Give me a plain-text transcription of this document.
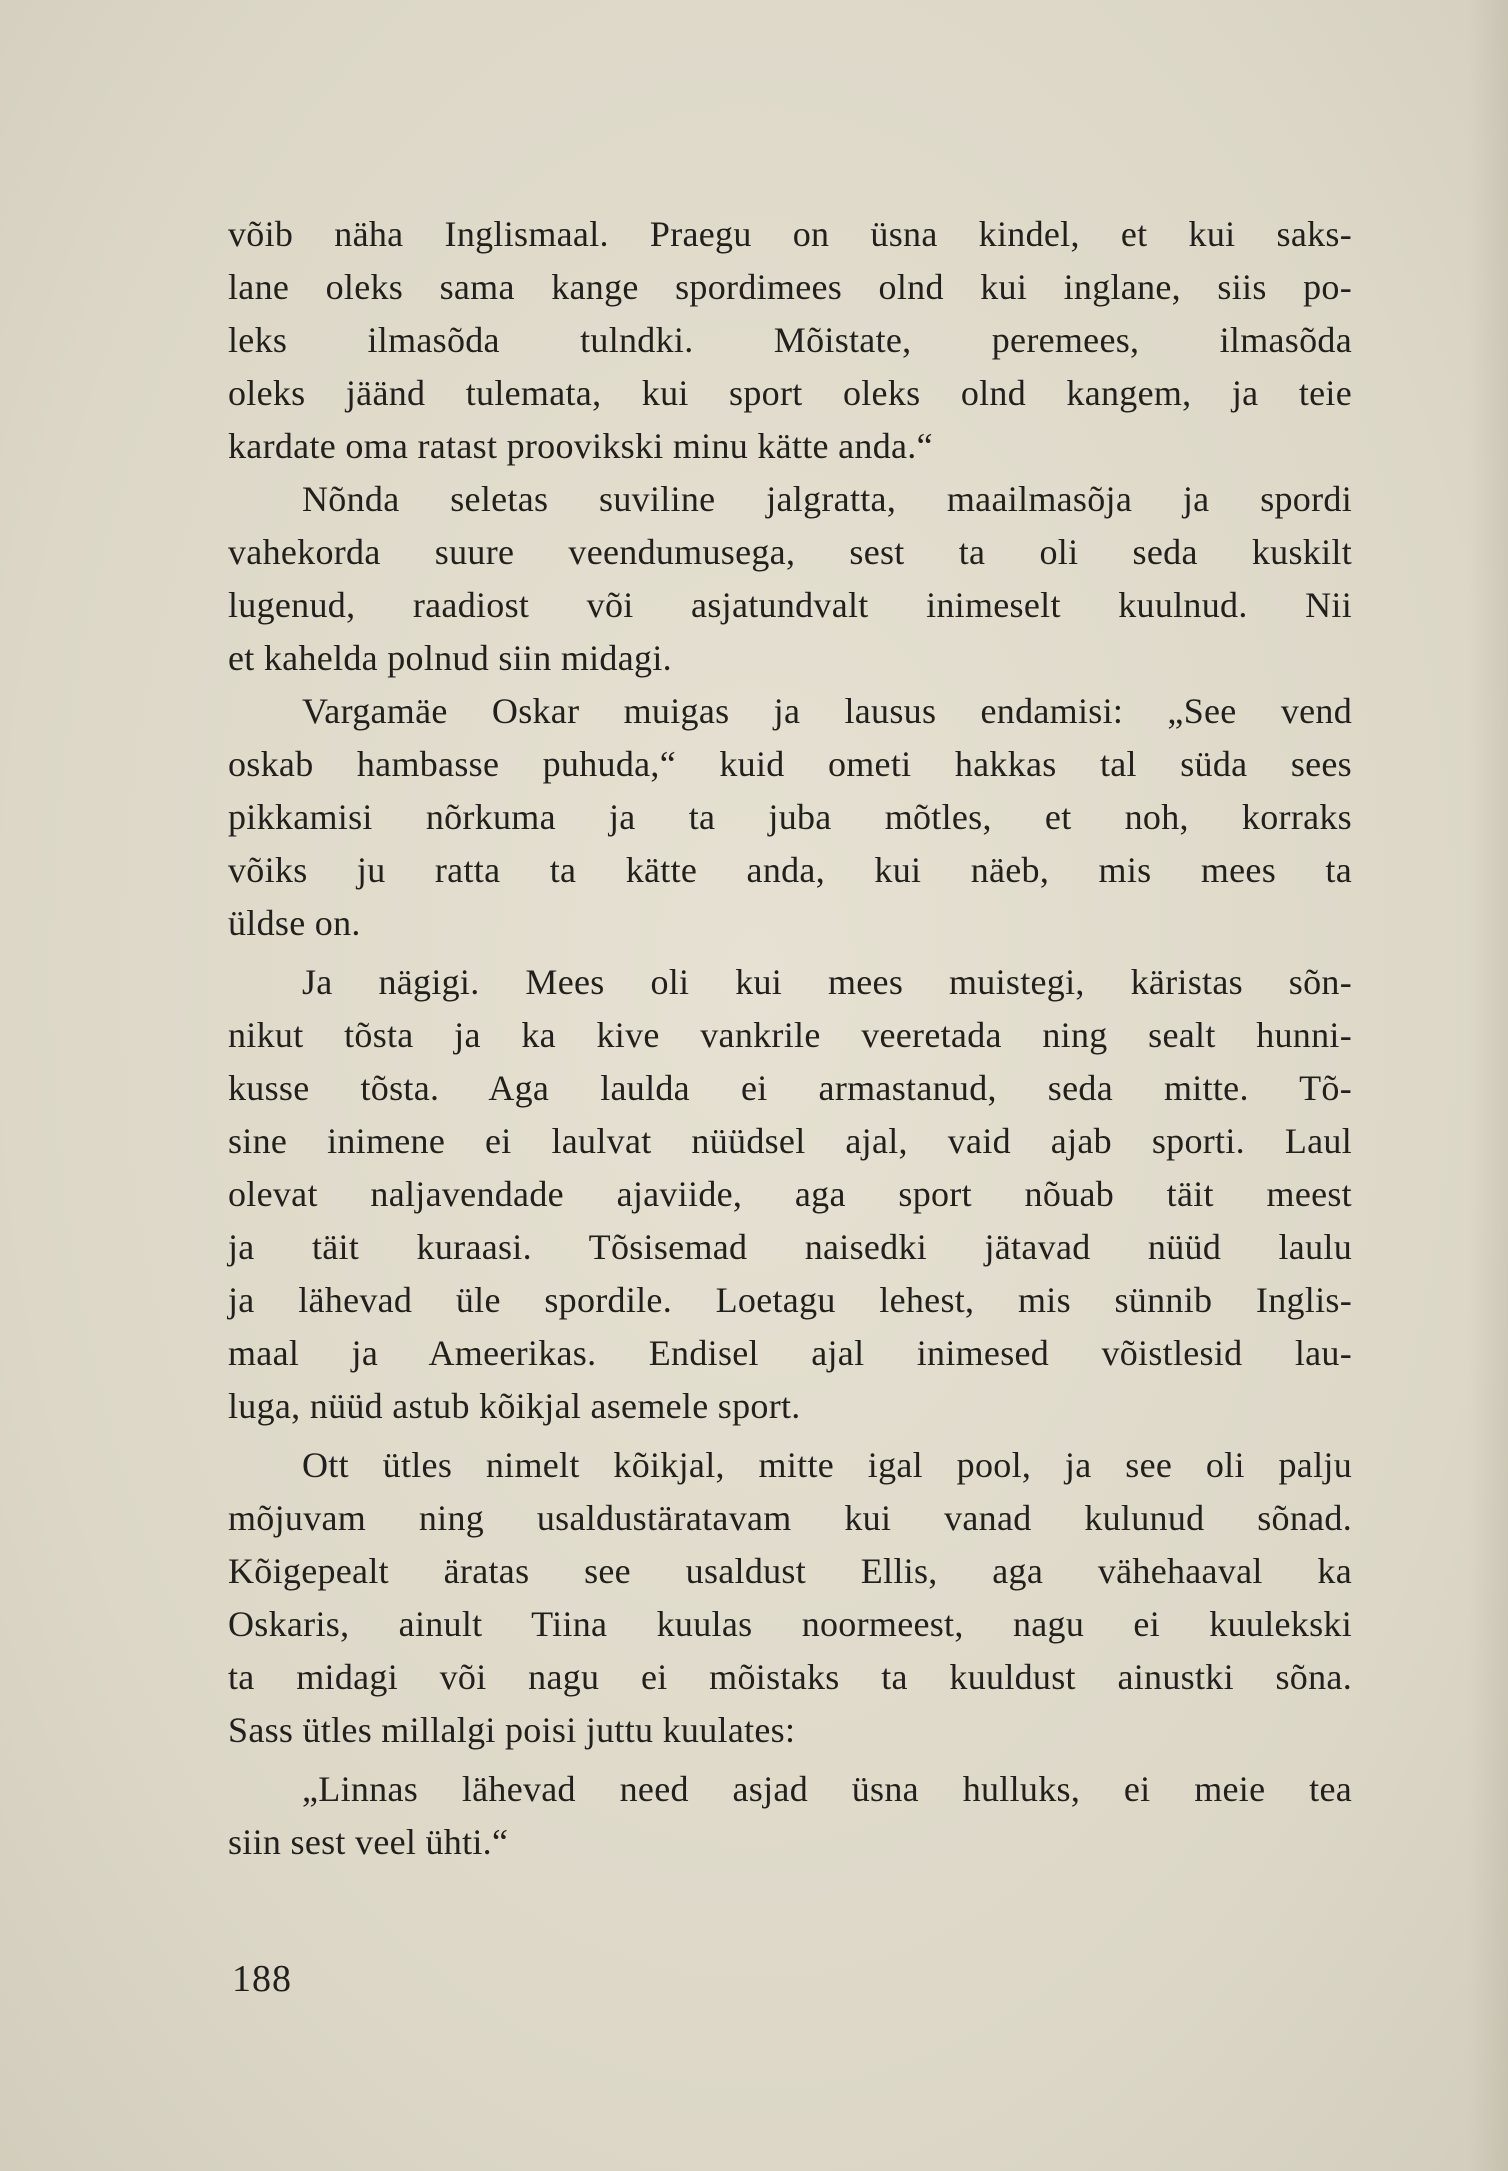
võib näha Inglismaal. Praegu on üsna kindel, et kui saks-
lane oleks sama kange spordimees olnd kui inglane, siis po-
leks ilmasõda tulndki. Mõistate, peremees, ilmasõda
oleks jäänd tulemata, kui sport oleks olnd kangem, ja teie
kardate oma ratast proovikski minu kätte anda.“
Nõnda seletas suviline jalgratta, maailmasõja ja spordi
vahekorda suure veendumusega, sest ta oli seda kuskilt
lugenud, raadiost või asjatundvalt inimeselt kuulnud. Nii
et kahelda polnud siin midagi.
Vargamäe Oskar muigas ja lausus endamisi: „See vend
oskab hambasse puhuda,“ kuid ometi hakkas tal süda sees
pikkamisi nõrkuma ja ta juba mõtles, et noh, korraks
võiks ju ratta ta kätte anda, kui näeb, mis mees ta
üldse on.
Ja nägigi. Mees oli kui mees muistegi, käristas sõn-
nikut tõsta ja ka kive vankrile veeretada ning sealt hunni-
kusse tõsta. Aga laulda ei armastanud, seda mitte. Tõ-
sine inimene ei laulvat nüüdsel ajal, vaid ajab sporti. Laul
olevat naljavendade ajaviide, aga sport nõuab täit meest
ja täit kuraasi. Tõsisemad naisedki jätavad nüüd laulu
ja lähevad üle spordile. Loetagu lehest, mis sünnib Inglis-
maal ja Ameerikas. Endisel ajal inimesed võistlesid lau-
luga, nüüd astub kõikjal asemele sport.
Ott ütles nimelt kõikjal, mitte igal pool, ja see oli palju
mõjuvam ning usaldustäratavam kui vanad kulunud sõnad.
Kõigepealt äratas see usaldust Ellis, aga vähehaaval ka
Oskaris, ainult Tiina kuulas noormeest, nagu ei kuulekski
ta midagi või nagu ei mõistaks ta kuuldust ainustki sõna.
Sass ütles millalgi poisi juttu kuulates:
„Linnas lähevad need asjad üsna hulluks, ei meie tea
siin sest veel ühti.“
188
